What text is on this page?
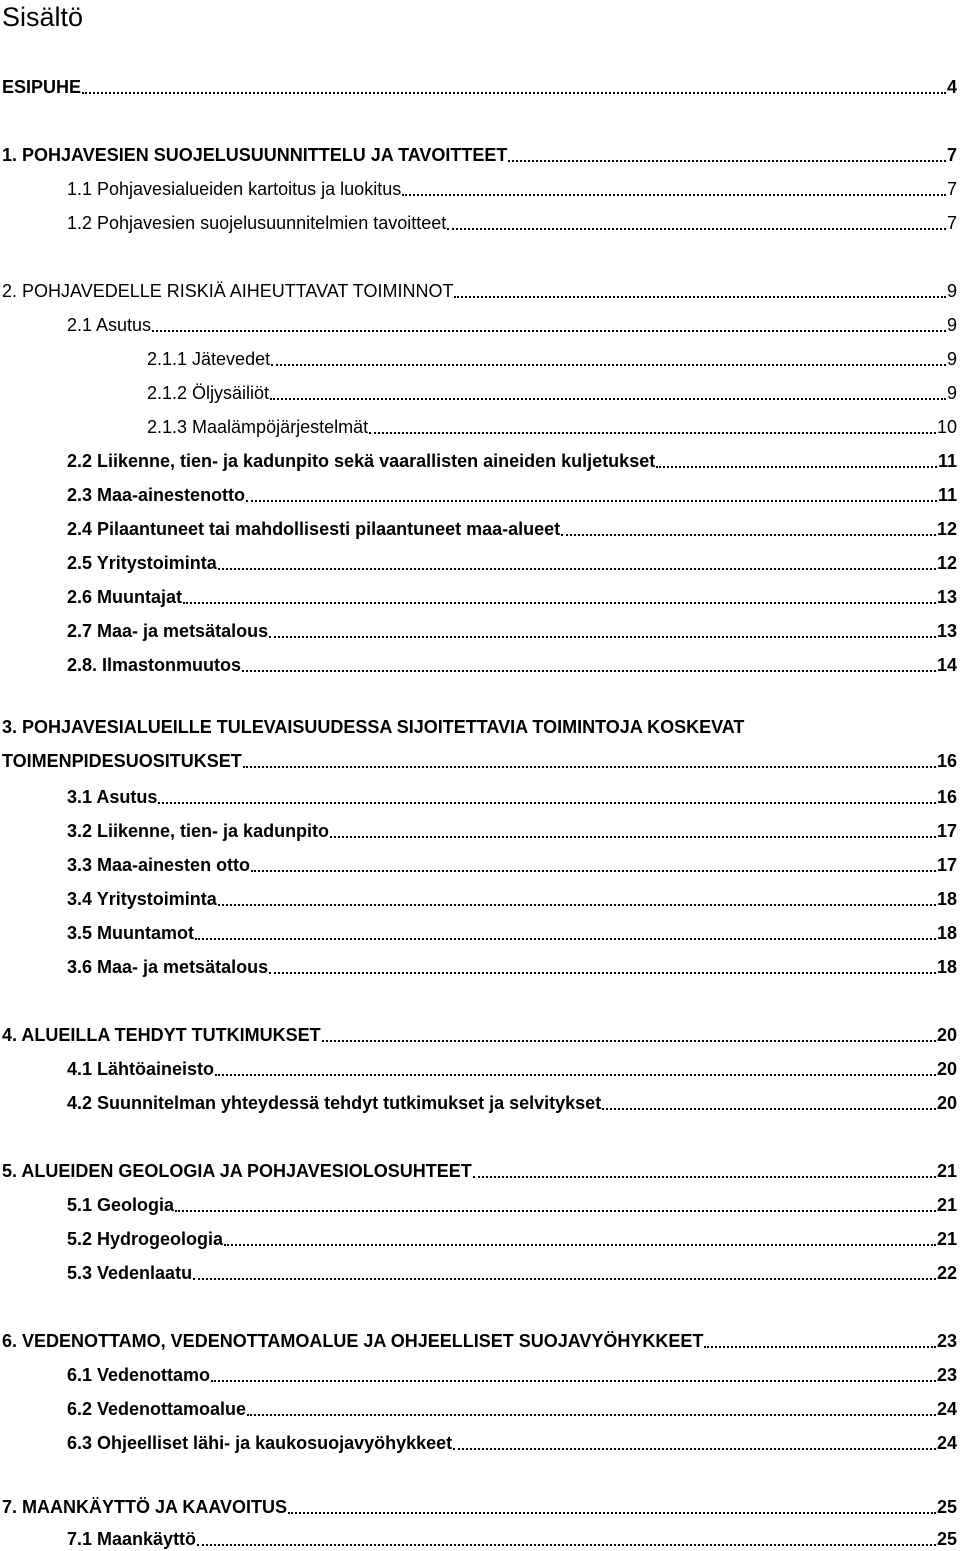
Sisältö
ESIPUHE	4
1. POHJAVESIEN SUOJELUSUUNNITTELU JA TAVOITTEET	7
1.1 Pohjavesialueiden kartoitus ja luokitus	7
1.2 Pohjavesien suojelusuunnitelmien tavoitteet	7
2. POHJAVEDELLE RISKIÄ AIHEUTTAVAT TOIMINNOT	9
2.1 Asutus	9
2.1.1 Jätevedet	9
2.1.2 Öljysäiliöt	9
2.1.3 Maalämpöjärjestelmät	10
2.2 Liikenne, tien- ja kadunpito sekä vaarallisten aineiden kuljetukset	11
2.3 Maa-ainestenotto	11
2.4 Pilaantuneet tai mahdollisesti pilaantuneet maa-alueet	12
2.5 Yritystoiminta	12
2.6 Muuntajat	13
2.7 Maa- ja metsätalous	13
2.8. Ilmastonmuutos	14
3. POHJAVESIALUEILLE TULEVAISUUDESSA SIJOITETTAVIA TOIMINTOJA KOSKEVAT
TOIMENPIDESUOSITUKSET	16
3.1 Asutus	16
3.2 Liikenne, tien- ja kadunpito	17
3.3 Maa-ainesten otto	17
3.4 Yritystoiminta	18
3.5 Muuntamot	18
3.6 Maa- ja metsätalous	18
4. ALUEILLA TEHDYT TUTKIMUKSET	20
4.1 Lähtöaineisto	20
4.2 Suunnitelman yhteydessä tehdyt tutkimukset ja selvitykset	20
5. ALUEIDEN GEOLOGIA JA POHJAVESIOLOSUHTEET	21
5.1 Geologia	21
5.2 Hydrogeologia	21
5.3 Vedenlaatu	22
6. VEDENOTTAMO, VEDENOTTAMOALUE JA OHJEELLISET SUOJAVYÖHYKKEET	23
6.1 Vedenottamo	23
6.2 Vedenottamoalue	24
6.3 Ohjeelliset lähi- ja kaukosuojavyöhykkeet	24
7. MAANKÄYTTÖ JA KAAVOITUS	25
7.1 Maankäyttö	25
